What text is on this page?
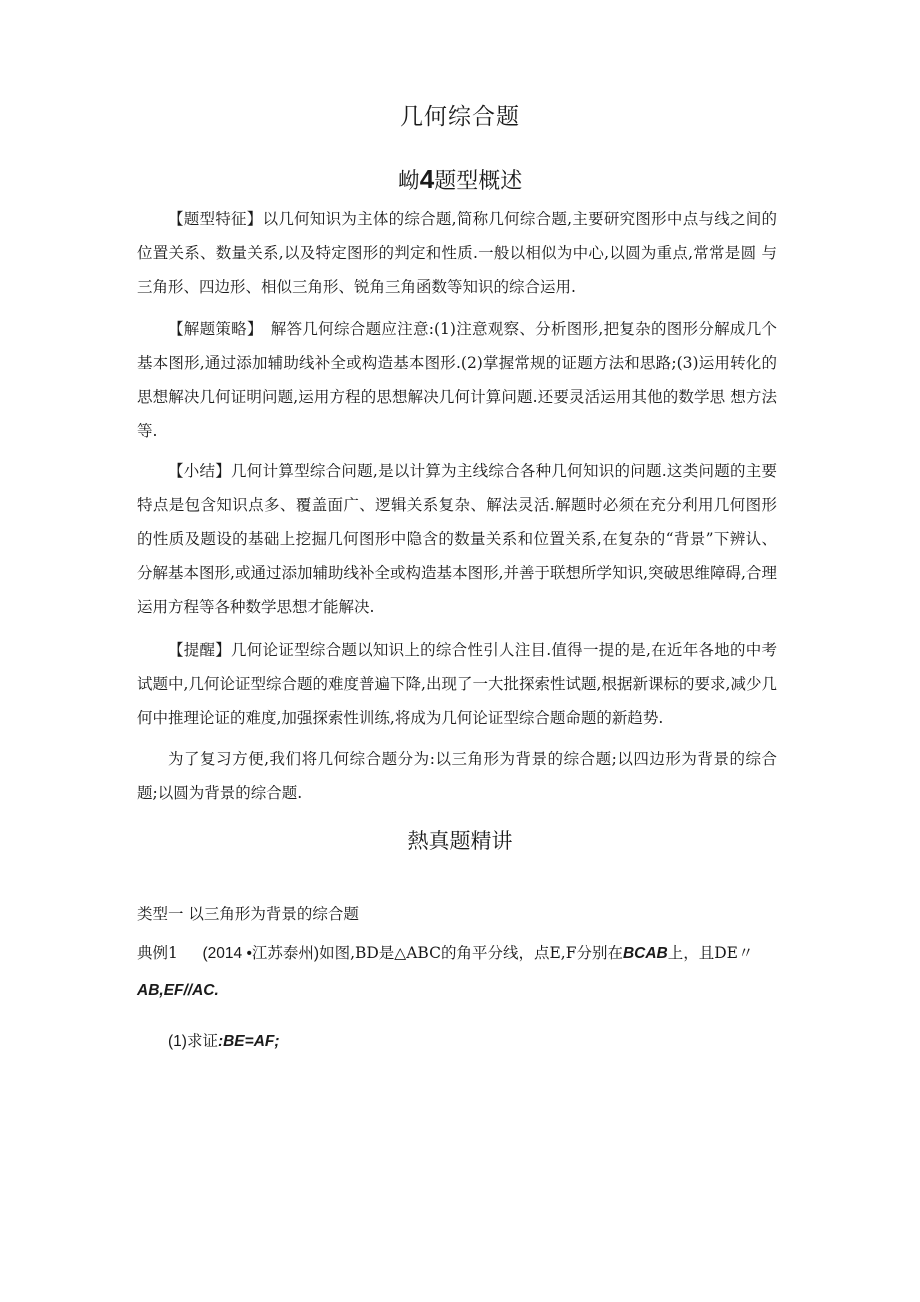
几何综合题
岰4题型概述
【题型特征】以几何知识为主体的综合题,简称几何综合题,主要研究图形中点与线之间的位置关系、数量关系,以及特定图形的判定和性质.一般以相似为中心,以圆为重点,常常是圆 与三角形、四边形、相似三角形、锐角三角函数等知识的综合运用.
【解题策略】　解答几何综合题应注意:(1)注意观察、分析图形,把复杂的图形分解成几个基本图形,通过添加辅助线补全或构造基本图形.(2)掌握常规的证题方法和思路;(3)运用转化的思想解决几何证明问题,运用方程的思想解决几何计算问题.还要灵活运用其他的数学思 想方法等.
【小结】几何计算型综合问题,是以计算为主线综合各种几何知识的问题.这类问题的主要特点是包含知识点多、覆盖面广、逻辑关系复杂、解法灵活.解题时必须在充分利用几何图形的性质及题设的基础上挖掘几何图形中隐含的数量关系和位置关系,在复杂的“背景”下辨认、分解基本图形,或通过添加辅助线补全或构造基本图形,并善于联想所学知识,突破思维障碍,合理运用方程等各种数学思想才能解决.
【提醒】几何论证型综合题以知识上的综合性引人注目.值得一提的是,在近年各地的中考试题中,几何论证型综合题的难度普遍下降,出现了一大批探索性试题,根据新课标的要求,减少几何中推理论证的难度,加强探索性训练,将成为几何论证型综合题命题的新趋势.
为了复习方便,我们将几何综合题分为:以三角形为背景的综合题;以四边形为背景的综合题;以圆为背景的综合题.
熱真题精讲
类型一 以三角形为背景的综合题
典例1 (2014 •江苏泰州)如图,BD是△ABC的角平分线，点E,F分别在BCAB上，且DE〃
AB,EF//AC.
(1)求证:BE=AF;
